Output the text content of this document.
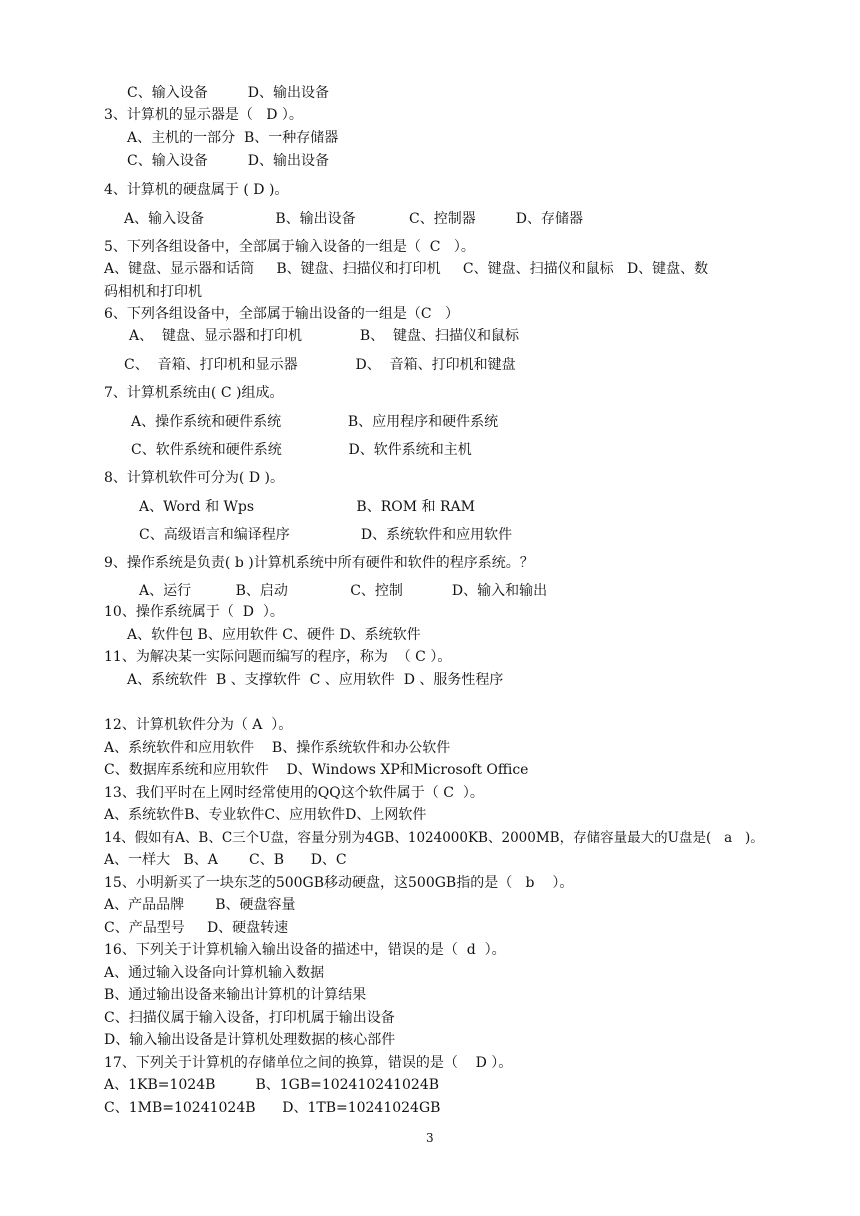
C、输入设备         D、输出设备
3、计算机的显示器是（   D ）。
A、主机的一部分  B、一种存储器
C、输入设备         D、输出设备
4、计算机的硬盘属于 ( D )。
A、输入设备                B、输出设备            C、控制器         D、存储器
5、下列各组设备中，全部属于输入设备的一组是（  C   ）。
A、键盘、显示器和话筒     B、键盘、扫描仪和打印机     C、键盘、扫描仪和鼠标   D、键盘、数
码相机和打印机
6、下列各组设备中，全部属于输出设备的一组是（C   ）
A、  键盘、显示器和打印机             B、  键盘、扫描仪和鼠标
C、  音箱、打印机和显示器             D、  音箱、打印机和键盘
7、计算机系统由( C )组成。
A、操作系统和硬件系统               B、应用程序和硬件系统
C、软件系统和硬件系统               D、软件系统和主机
8、计算机软件可分为( D )。
A、Word 和 Wps                       B、ROM 和 RAM
C、高级语言和编译程序                D、系统软件和应用软件
9、操作系统是负责( b )计算机系统中所有硬件和软件的程序系统。？
A、运行          B、启动              C、控制           D、输入和输出
10、操作系统属于（  D  ）。
A、软件包 B、应用软件 C、硬件 D、系统软件
11、为解决某一实际问题而编写的程序，称为  （ C ）。
A、系统软件  B 、支撑软件  C 、应用软件  D 、服务性程序
12、计算机软件分为（ A  ）。
A、系统软件和应用软件    B、操作系统软件和办公软件
C、数据库系统和应用软件    D、Windows XP和Microsoft Office
13、我们平时在上网时经常使用的QQ这个软件属于（ C  ）。
A、系统软件B、专业软件C、应用软件D、上网软件
14、假如有A、B、C三个U盘，容量分别为4GB、1024000KB、2000MB，存储容量最大的U盘是(   a   )。
A、一样大   B、A       C、B      D、C
15、小明新买了一块东芝的500GB移动硬盘，这500GB指的是（   b    ）。
A、产品品牌       B、硬盘容量
C、产品型号     D、硬盘转速
16、下列关于计算机输入输出设备的描述中，错误的是（  d  ）。
A、通过输入设备向计算机输入数据
B、通过输出设备来输出计算机的计算结果
C、扫描仪属于输入设备，打印机属于输出设备
D、输入输出设备是计算机处理数据的核心部件
17、下列关于计算机的存储单位之间的换算，错误的是（    D ）。
A、1KB=1024B         B、1GB=102410241024B
C、1MB=10241024B      D、1TB=10241024GB
3
